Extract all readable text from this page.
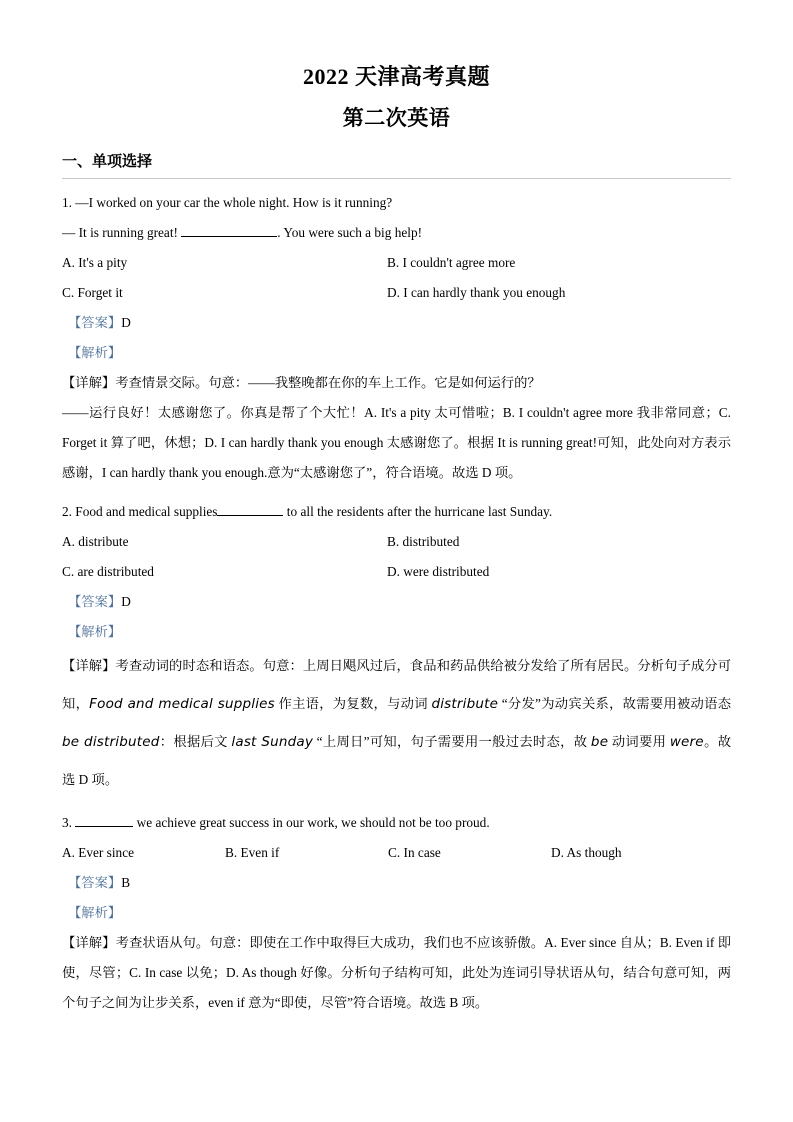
2022 天津高考真题
第二次英语
一、单项选择
1. —I worked on your car the whole night. How is it running?
— It is running great!	. You were such a big help!
A. It's a pity	B. I couldn't agree more
C. Forget it	D. I can hardly thank you enough
【答案】D
【解析】
【详解】考查情景交际。句意：——我整晚都在你的车上工作。它是如何运行的？
——运行良好！太感谢您了。你真是帮了个大忙！A. It's a pity 太可惜啦；B. I couldn't agree more 我非常同意；C. Forget it 算了吧，休想；D. I can hardly thank you enough 太感谢您了。根据 It is running great!可知，此处向对方表示感谢，I can hardly thank you enough.意为“太感谢您了”，符合语境。故选 D 项。
2. Food and medical supplies	to all the residents after the hurricane last Sunday.
A. distribute	B. distributed
C. are distributed	D. were distributed
【答案】D
【解析】
【详解】考查动词的时态和语态。句意：上周日飓风过后，食品和药品供给被分发给了所有居民。分析句子成分可知，Food and medical supplies 作主语，为复数，与动词 distribute “分发”为动宾关系，故需要用被动语态 be distributed：根据后文 last Sunday “上周日”可知，句子需要用一般过去时态，故 be 动词要用 were。故选 D 项。
3.	we achieve great success in our work, we should not be too proud.
A. Ever since	B. Even if	C. In case	D. As though
【答案】B
【解析】
【详解】考查状语从句。句意：即使在工作中取得巨大成功，我们也不应该骄傲。A. Ever since 自从；B. Even if 即使，尽管；C. In case 以免；D. As though 好像。分析句子结构可知，此处为连词引导状语从句，结合句意可知，两个句子之间为让步关系，even if 意为“即使，尽管”符合语境。故选 B 项。
